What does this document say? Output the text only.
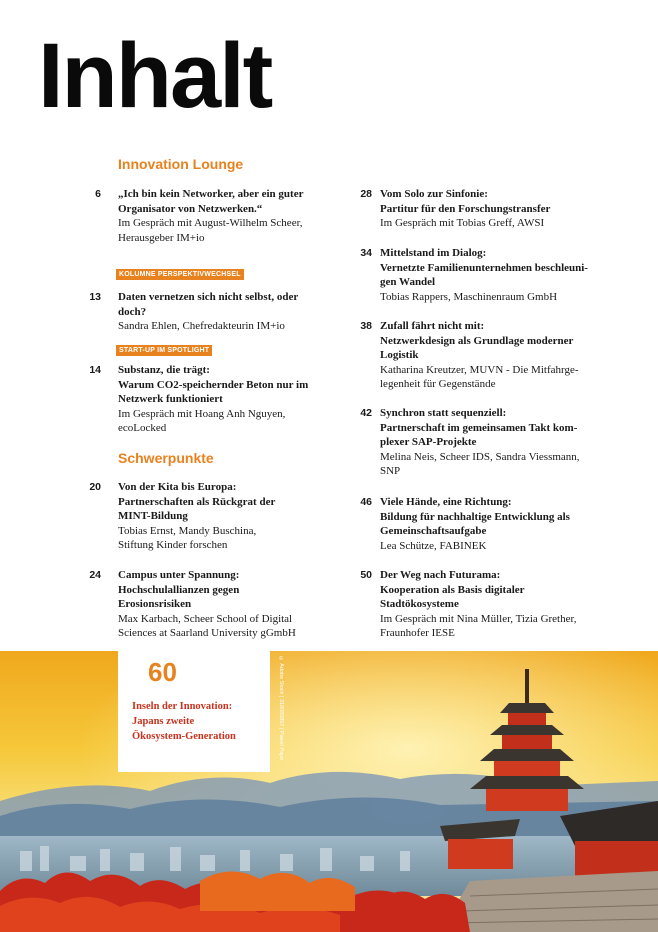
Inhalt
Innovation Lounge
Schwerpunkte
KOLUMNE PERSPEKTIVWECHSEL
START-UP IM SPOTLIGHT
6 „Ich bin kein Networker, aber ein guter
Organisator von Netzwerken.“
Im Gespräch mit August-Wilhelm Scheer,
Herausgeber IM+io
13 Daten vernetzen sich nicht selbst, oder
doch?
Sandra Ehlen, Chefredakteurin IM+io
14 Substanz, die trägt:
Warum CO2-speichernder Beton nur im
Netzwerk funktioniert
Im Gespräch mit Hoang Anh Nguyen,
ecoLocked
20 Von der Kita bis Europa:
Partnerschaften als Rückgrat der
MINT-Bildung
Tobias Ernst, Mandy Buschina,
Stiftung Kinder forschen
24 Campus unter Spannung:
Hochschulallianzen gegen
Erosionsrisiken
Max Karbach, Scheer School of Digital
Sciences at Saarland University gGmbH
28 Vom Solo zur Sinfonie:
Partitur für den Forschungstransfer
Im Gespräch mit Tobias Greff, AWSI
34 Mittelstand im Dialog:
Vernetzte Familienunternehmen beschleuni-
gen Wandel
Tobias Rappers, Maschinenraum GmbH
38 Zufall fährt nicht mit:
Netzwerkdesign als Grundlage moderner
Logistik
Katharina Kreutzer, MUVN - Die Mitfahrge-
legenheit für Gegenstände
42 Synchron statt sequenziell:
Partnerschaft im gemeinsamen Takt kom-
plexer SAP-Projekte
Melina Neis, Scheer IDS, Sandra Viessmann,
SNP
46 Viele Hände, eine Richtung:
Bildung für nachhaltige Entwicklung als
Gemeinschaftsaufgabe
Lea Schütze, FABINEK
50 Der Weg nach Futurama:
Kooperation als Basis digitaler
Stadtökosysteme
Im Gespräch mit Nina Müller, Tizia Grether,
Fraunhofer IESE
60
Inseln der Innovation:
Japans zweite
Ökosystem-Generation	© Adobe Stock | 318080857 | Pawel Pajor
